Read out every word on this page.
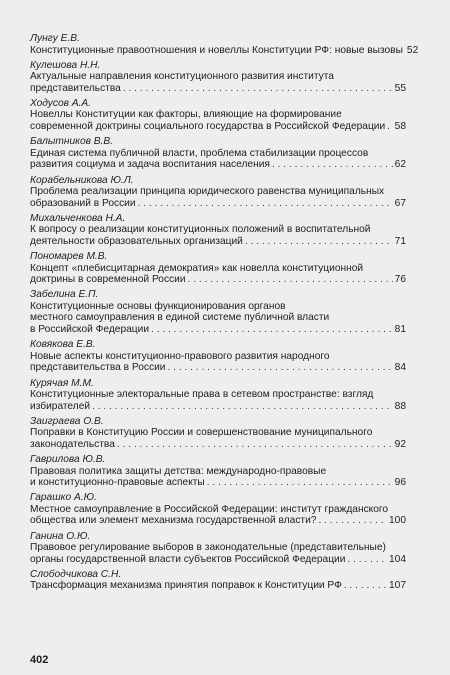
Лунгу Е.В.
Конституционные правоотношения и новеллы Конституции РФ: новые вызовы 52
Кулешова Н.Н.
Актуальные направления конституционного развития института
представительства . . .	55
Ходусов А.А.
Новеллы Конституции как факторы, влияющие на формирование
современной доктрины социального государства в Российской Федерации . . . 58
Балытников В.В.
Единая система публичной власти, проблема стабилизации процессов
развития социума и задача воспитания населения . . .	62
Корабельникова Ю.Л.
Проблема реализации принципа юридического равенства муниципальных
образований в России . . .	67
Михальченкова Н.А.
К вопросу о реализации конституционных положений в воспитательной
деятельности образовательных организаций . . .	71
Пономарев М.В.
Концепт «плебисцитарная демократия» как новелла конституционной
доктрины в современной России . . .	76
Забелина Е.П.
Конституционные основы функционирования органов
местного самоуправления в единой системе публичной власти
в Российской Федерации . . .	81
Ковякова Е.В.
Новые аспекты конституционно-правового развития народного
представительства в России . . .	84
Курячая М.М.
Конституционные электоральные права в сетевом пространстве: взгляд
избирателей . . .	88
Заиграева О.В.
Поправки в Конституцию России и совершенствование муниципального
законодательства . . .	92
Гаврилова Ю.В.
Правовая политика защиты детства: международно-правовые
и конституционно-правовые аспекты . . .	96
Гарашко А.Ю.
Местное самоуправление в Российской Федерации: институт гражданского
общества или элемент механизма государственной власти? . . .	100
Ганина О.Ю.
Правовое регулирование выборов в законодательные (представительные)
органы государственной власти субъектов Российской Федерации . . .	104
Слободчикова С.Н.
Трансформация механизма принятия поправок к Конституции РФ . . .	107
402
